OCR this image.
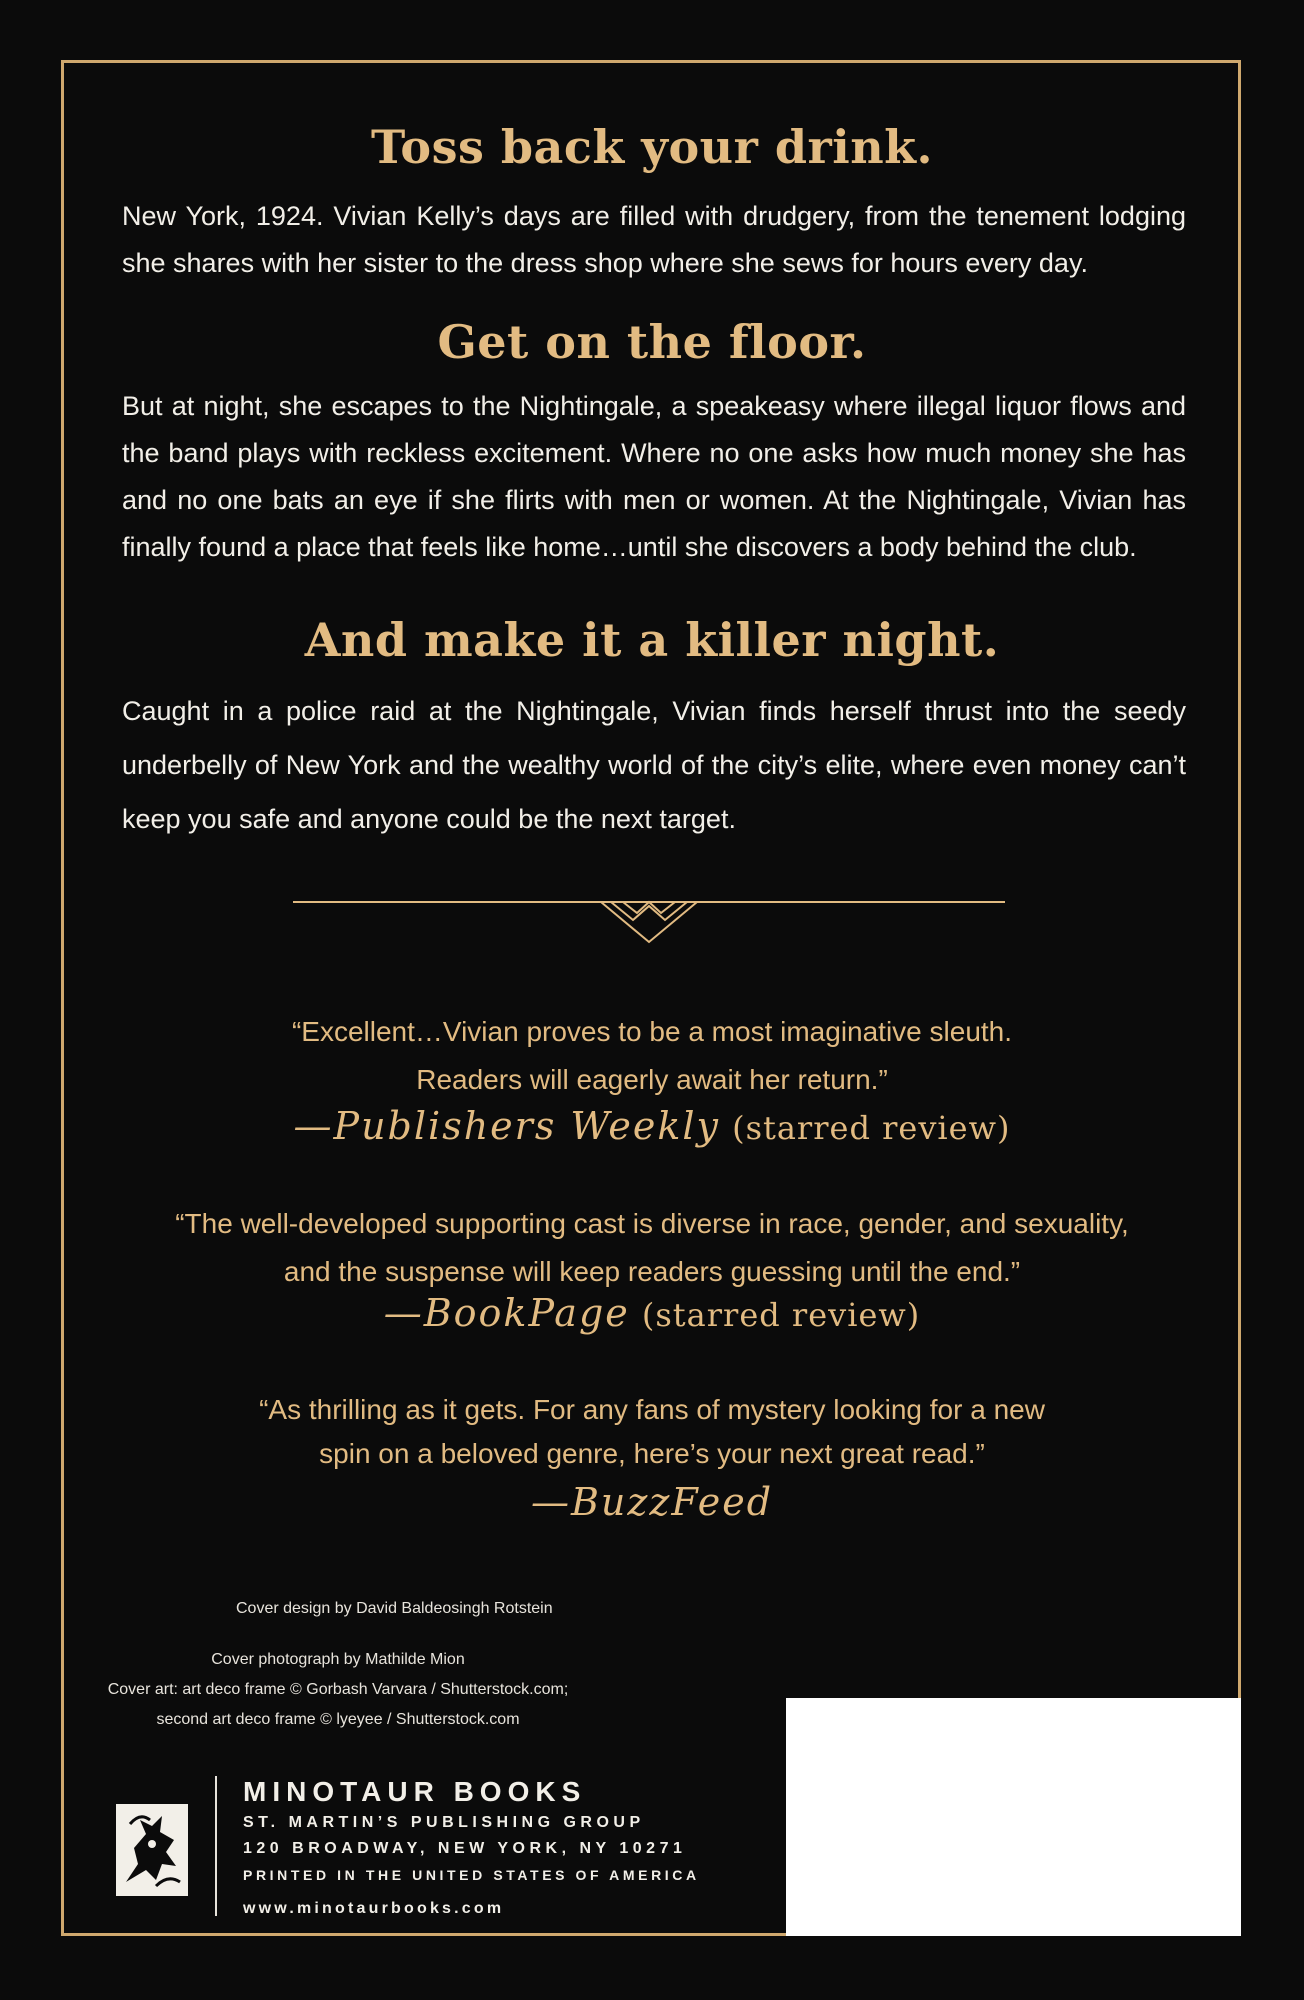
Toss back your drink.

New York, 1924. Vivian Kelly’s days are filled with drudgery, from the tenement lodging she shares with her sister to the dress shop where she sews for hours every day.

Get on the floor.

But at night, she escapes to the Nightingale, a speakeasy where illegal liquor flows and the band plays with reckless excitement. Where no one asks how much money she has and no one bats an eye if she flirts with men or women. At the Nightingale, Vivian has finally found a place that feels like home…until she discovers a body behind the club.

And make it a killer night.

Caught in a police raid at the Nightingale, Vivian finds herself thrust into the seedy underbelly of New York and the wealthy world of the city’s elite, where even money can’t keep you safe and anyone could be the next target.

“Excellent…Vivian proves to be a most imaginative sleuth.
Readers will eagerly await her return.”

—Publishers Weekly (starred review)

“The well-developed supporting cast is diverse in race, gender, and sexuality,
and the suspense will keep readers guessing until the end.”

—BookPage (starred review)

“As thrilling as it gets. For any fans of mystery looking for a new
spin on a beloved genre, here’s your next great read.”

—BuzzFeed

Cover design by David Baldeosingh Rotstein

Cover photograph by Mathilde Mion

Cover art: art deco frame © Gorbash Varvara / Shutterstock.com;

second art deco frame © lyeyee / Shutterstock.com

MINOTAUR BOOKS

ST. MARTIN’S PUBLISHING GROUP

120 BROADWAY, NEW YORK, NY 10271

PRINTED IN THE UNITED STATES OF AMERICA

www.minotaurbooks.com
